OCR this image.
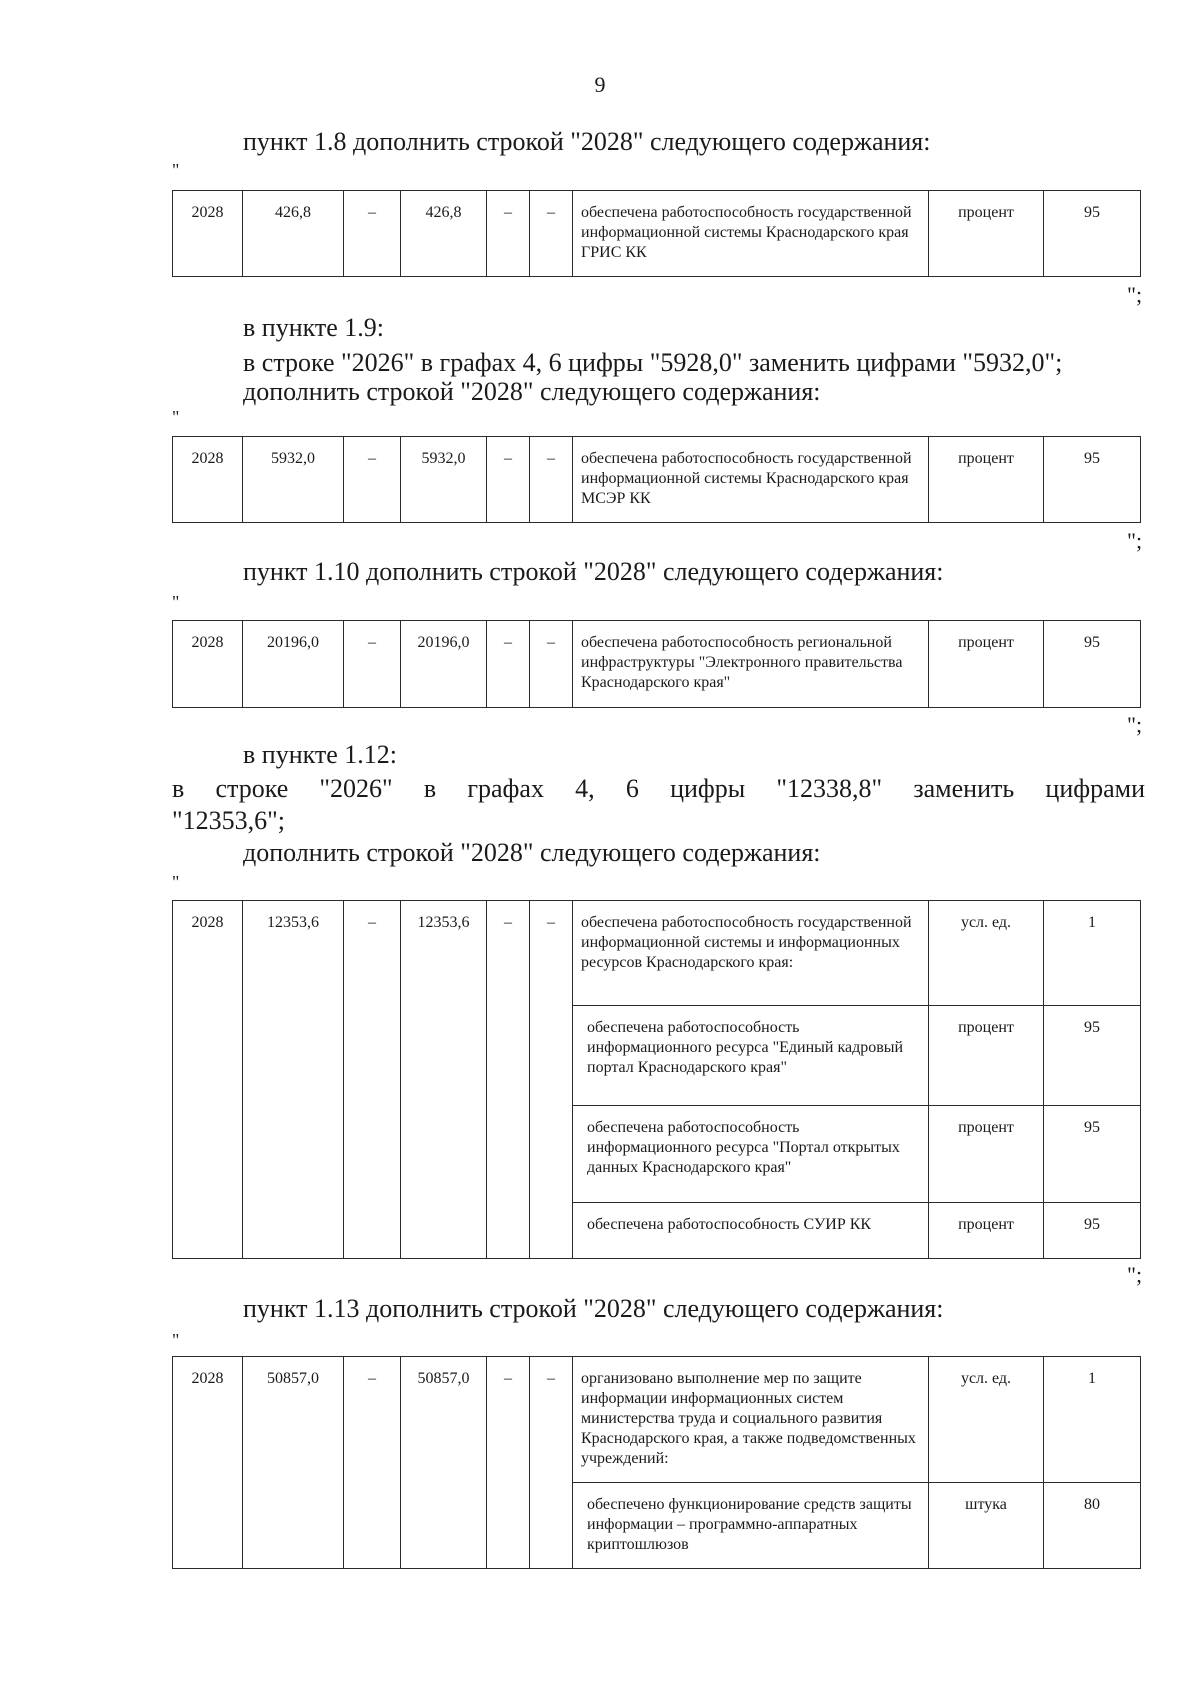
9
пункт 1.8 дополнить строкой "2028" следующего содержания:
"
2028	426,8	–	426,8	–	–	обеспечена работоспособность государственной информационной системы Краснодарского края ГРИС КК	процент	95
";
в пункте 1.9:
в строке "2026" в графах 4, 6 цифры "5928,0" заменить цифрами "5932,0";
дополнить строкой "2028" следующего содержания:
"
2028	5932,0	–	5932,0	–	–	обеспечена работоспособность государственной информационной системы Краснодарского края МСЭР КК	процент	95
";
пункт 1.10 дополнить строкой "2028" следующего содержания:
"
2028	20196,0	–	20196,0	–	–	обеспечена работоспособность региональной инфраструктуры "Электронного правительства Краснодарского края"	процент	95
";
в пункте 1.12:
в строке "2026" в графах 4, 6 цифры "12338,8" заменить цифрами
"12353,6";
дополнить строкой "2028" следующего содержания:
"
2028	12353,6	–	12353,6	–	–	обеспечена работоспособность государственной информационной системы и информационных ресурсов Краснодарского края:	усл. ед.	1
						обеспечена работоспособность информационного ресурса "Единый кадровый портал Краснодарского края"	процент	95
						обеспечена работоспособность информационного ресурса "Портал открытых данных Краснодарского края"	процент	95
						обеспечена работоспособность СУИР КК	процент	95
";
пункт 1.13 дополнить строкой "2028" следующего содержания:
"
2028	50857,0	–	50857,0	–	–	организовано выполнение мер по защите информации информационных систем министерства труда и социального развития Краснодарского края, а также подведомственных учреждений:	усл. ед.	1
						обеспечено функционирование средств защиты информации – программно-аппаратных криптошлюзов	штука	80
